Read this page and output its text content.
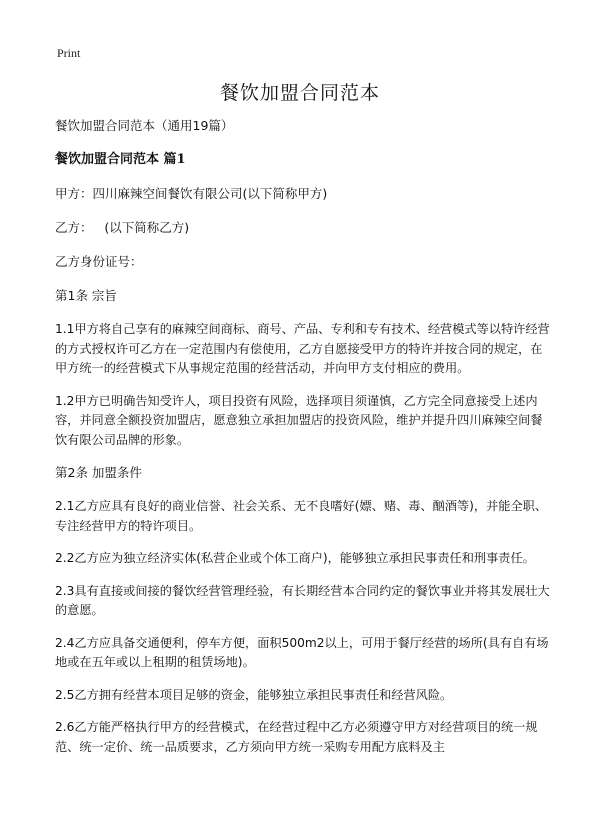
Print
餐饮加盟合同范本

餐饮加盟合同范本（通用19篇）

餐饮加盟合同范本 篇1

甲方：四川麻辣空间餐饮有限公司(以下简称甲方)

乙方：   (以下简称乙方)

乙方身份证号：

第1条 宗旨

1.1甲方将自己享有的麻辣空间商标、商号、产品、专利和专有技术、经营模式等以特许经营的方式授权许可乙方在一定范围内有偿使用，乙方自愿接受甲方的特许并按合同的规定，在甲方统一的经营模式下从事规定范围的经营活动，并向甲方支付相应的费用。

1.2甲方已明确告知受许人，项目投资有风险，选择项目须谨慎，乙方完全同意接受上述内容，并同意全额投资加盟店，愿意独立承担加盟店的投资风险，维护并提升四川麻辣空间餐饮有限公司品牌的形象。

第2条 加盟条件

2.1乙方应具有良好的商业信誉、社会关系、无不良嗜好(嫖、赌、毒、酗酒等)，并能全职、专注经营甲方的特许项目。

2.2乙方应为独立经济实体(私营企业或个体工商户)，能够独立承担民事责任和刑事责任。

2.3具有直接或间接的餐饮经营管理经验，有长期经营本合同约定的餐饮事业并将其发展壮大的意愿。

2.4乙方应具备交通便利，停车方便，面积500m2以上，可用于餐厅经营的场所(具有自有场地或在五年或以上租期的租赁场地)。

2.5乙方拥有经营本项目足够的资金，能够独立承担民事责任和经营风险。

2.6乙方能严格执行甲方的经营模式，在经营过程中乙方必须遵守甲方对经营项目的统一规范、统一定价、统一品质要求，乙方须向甲方统一采购专用配方底料及主
